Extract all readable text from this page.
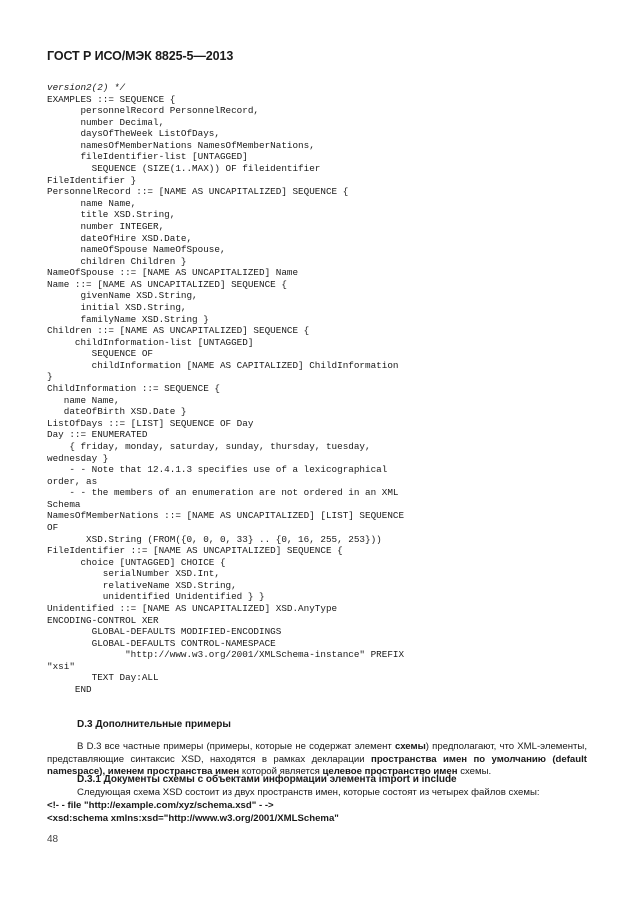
ГОСТ Р ИСО/МЭК 8825-5—2013
version2(2) */
EXAMPLES ::= SEQUENCE {
personnelRecord PersonnelRecord,
number Decimal,
daysOfTheWeek ListOfDays,
namesOfMemberNations NamesOfMemberNations,
fileIdentifier-list [UNTAGGED]
SEQUENCE (SIZE(1..MAX)) OF fileidentifier
FileIdentifier }
PersonnelRecord ::= [NAME AS UNCAPITALIZED] SEQUENCE {
name Name,
title XSD.String,
number INTEGER,
dateOfHire XSD.Date,
nameOfSpouse NameOfSpouse,
children Children }
NameOfSpouse ::= [NAME AS UNCAPITALIZED] Name
Name ::= [NAME AS UNCAPITALIZED] SEQUENCE {
givenName XSD.String,
initial XSD.String,
familyName XSD.String }
Children ::= [NAME AS UNCAPITALIZED] SEQUENCE {
childInformation-list [UNTAGGED]
SEQUENCE OF
childInformation [NAME AS CAPITALIZED] ChildInformation
}
ChildInformation ::= SEQUENCE {
name Name,
dateOfBirth XSD.Date }
ListOfDays ::= [LIST] SEQUENCE OF Day
Day ::= ENUMERATED
{ friday, monday, saturday, sunday, thursday, tuesday,
wednesday }
- - Note that 12.4.1.3 specifies use of a lexicographical
order, as
- - the members of an enumeration are not ordered in an XML
Schema
NamesOfMemberNations ::= [NAME AS UNCAPITALIZED] [LIST] SEQUENCE
OF
XSD.String (FROM({0, 0, 0, 33} .. {0, 16, 255, 253}))
FileIdentifier ::= [NAME AS UNCAPITALIZED] SEQUENCE {
choice [UNTAGGED] CHOICE {
serialNumber XSD.Int,
relativeName XSD.String,
unidentified Unidentified } }
Unidentified ::= [NAME AS UNCAPITALIZED] XSD.AnyType
ENCODING-CONTROL XER
GLOBAL-DEFAULTS MODIFIED-ENCODINGS
GLOBAL-DEFAULTS CONTROL-NAMESPACE
"http://www.w3.org/2001/XMLSchema-instance" PREFIX
"xsi"
TEXT Day:ALL
END
D.3 Дополнительные примеры
В D.3 все частные примеры (примеры, которые не содержат элемент схемы) предполагают, что XML-элементы, представляющие синтаксис XSD, находятся в рамках декларации пространства имен по умолчанию (default namespace), именем пространства имен которой является целевое пространство имен схемы.
D.3.1 Документы схемы с объектами информации элемента import и include
Следующая схема XSD состоит из двух пространств имен, которые состоят из четырех файлов схемы:
<!- - file "http://example.com/xyz/schema.xsd" - ->
<xsd:schema xmlns:xsd="http://www.w3.org/2001/XMLSchema"
48
